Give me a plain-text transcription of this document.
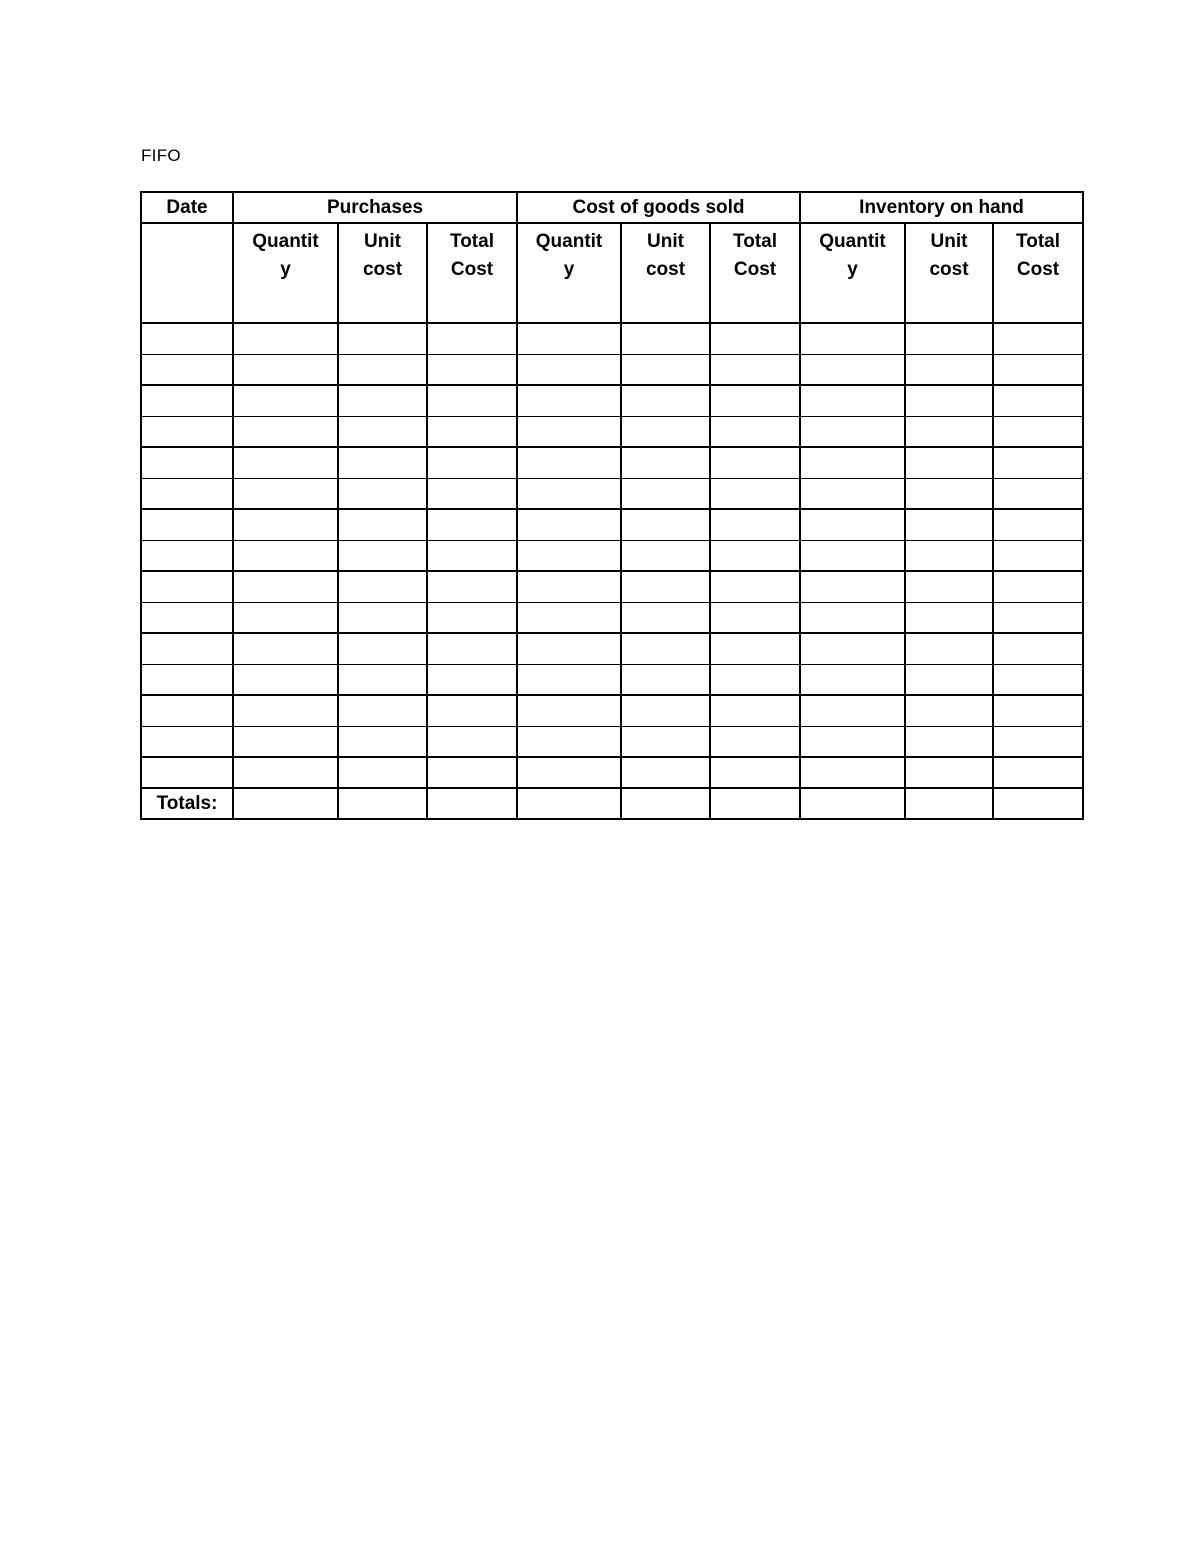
FIFO
Date	Purchases			Cost of goods sold			Inventory on hand		

	Quantity	Unit cost	Total Cost	Quantity	Unit cost	Total Cost	Quantity	Unit cost	Total Cost

Totals:									
